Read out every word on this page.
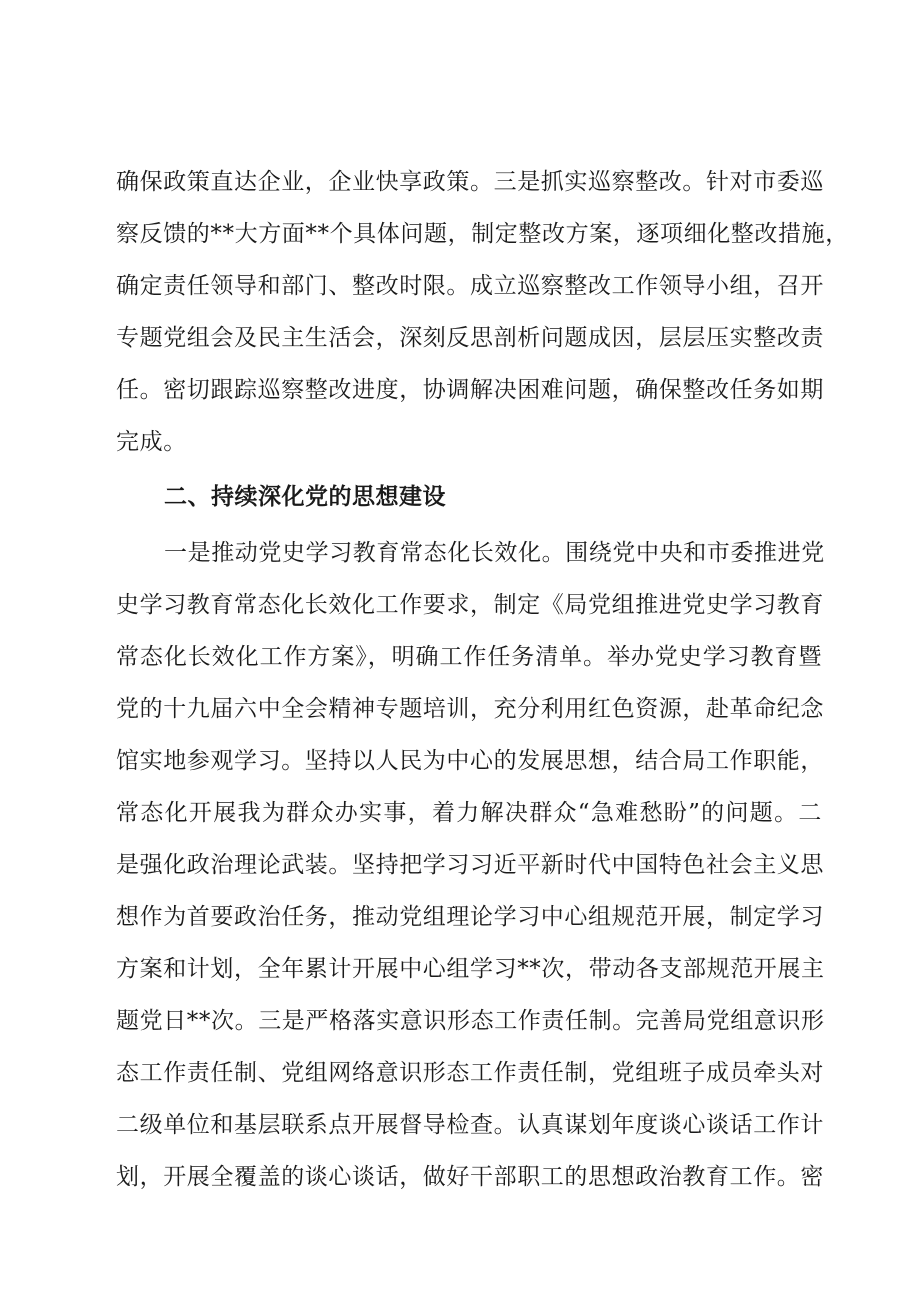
确保政策直达企业，企业快享政策。三是抓实巡察整改。针对市委巡
察反馈的**大方面**个具体问题，制定整改方案，逐项细化整改措施，
确定责任领导和部门、整改时限。成立巡察整改工作领导小组，召开
专题党组会及民主生活会，深刻反思剖析问题成因，层层压实整改责
任。密切跟踪巡察整改进度，协调解决困难问题，确保整改任务如期
完成。
二、持续深化党的思想建设
一是推动党史学习教育常态化长效化。围绕党中央和市委推进党
史学习教育常态化长效化工作要求，制定《局党组推进党史学习教育
常态化长效化工作方案》，明确工作任务清单。举办党史学习教育暨
党的十九届六中全会精神专题培训，充分利用红色资源，赴革命纪念
馆实地参观学习。坚持以人民为中心的发展思想，结合局工作职能，
常态化开展我为群众办实事，着力解决群众“急难愁盼”的问题。二
是强化政治理论武装。坚持把学习习近平新时代中国特色社会主义思
想作为首要政治任务，推动党组理论学习中心组规范开展，制定学习
方案和计划，全年累计开展中心组学习**次，带动各支部规范开展主
题党日**次。三是严格落实意识形态工作责任制。完善局党组意识形
态工作责任制、党组网络意识形态工作责任制，党组班子成员牵头对
二级单位和基层联系点开展督导检查。认真谋划年度谈心谈话工作计
划，开展全覆盖的谈心谈话，做好干部职工的思想政治教育工作。密
